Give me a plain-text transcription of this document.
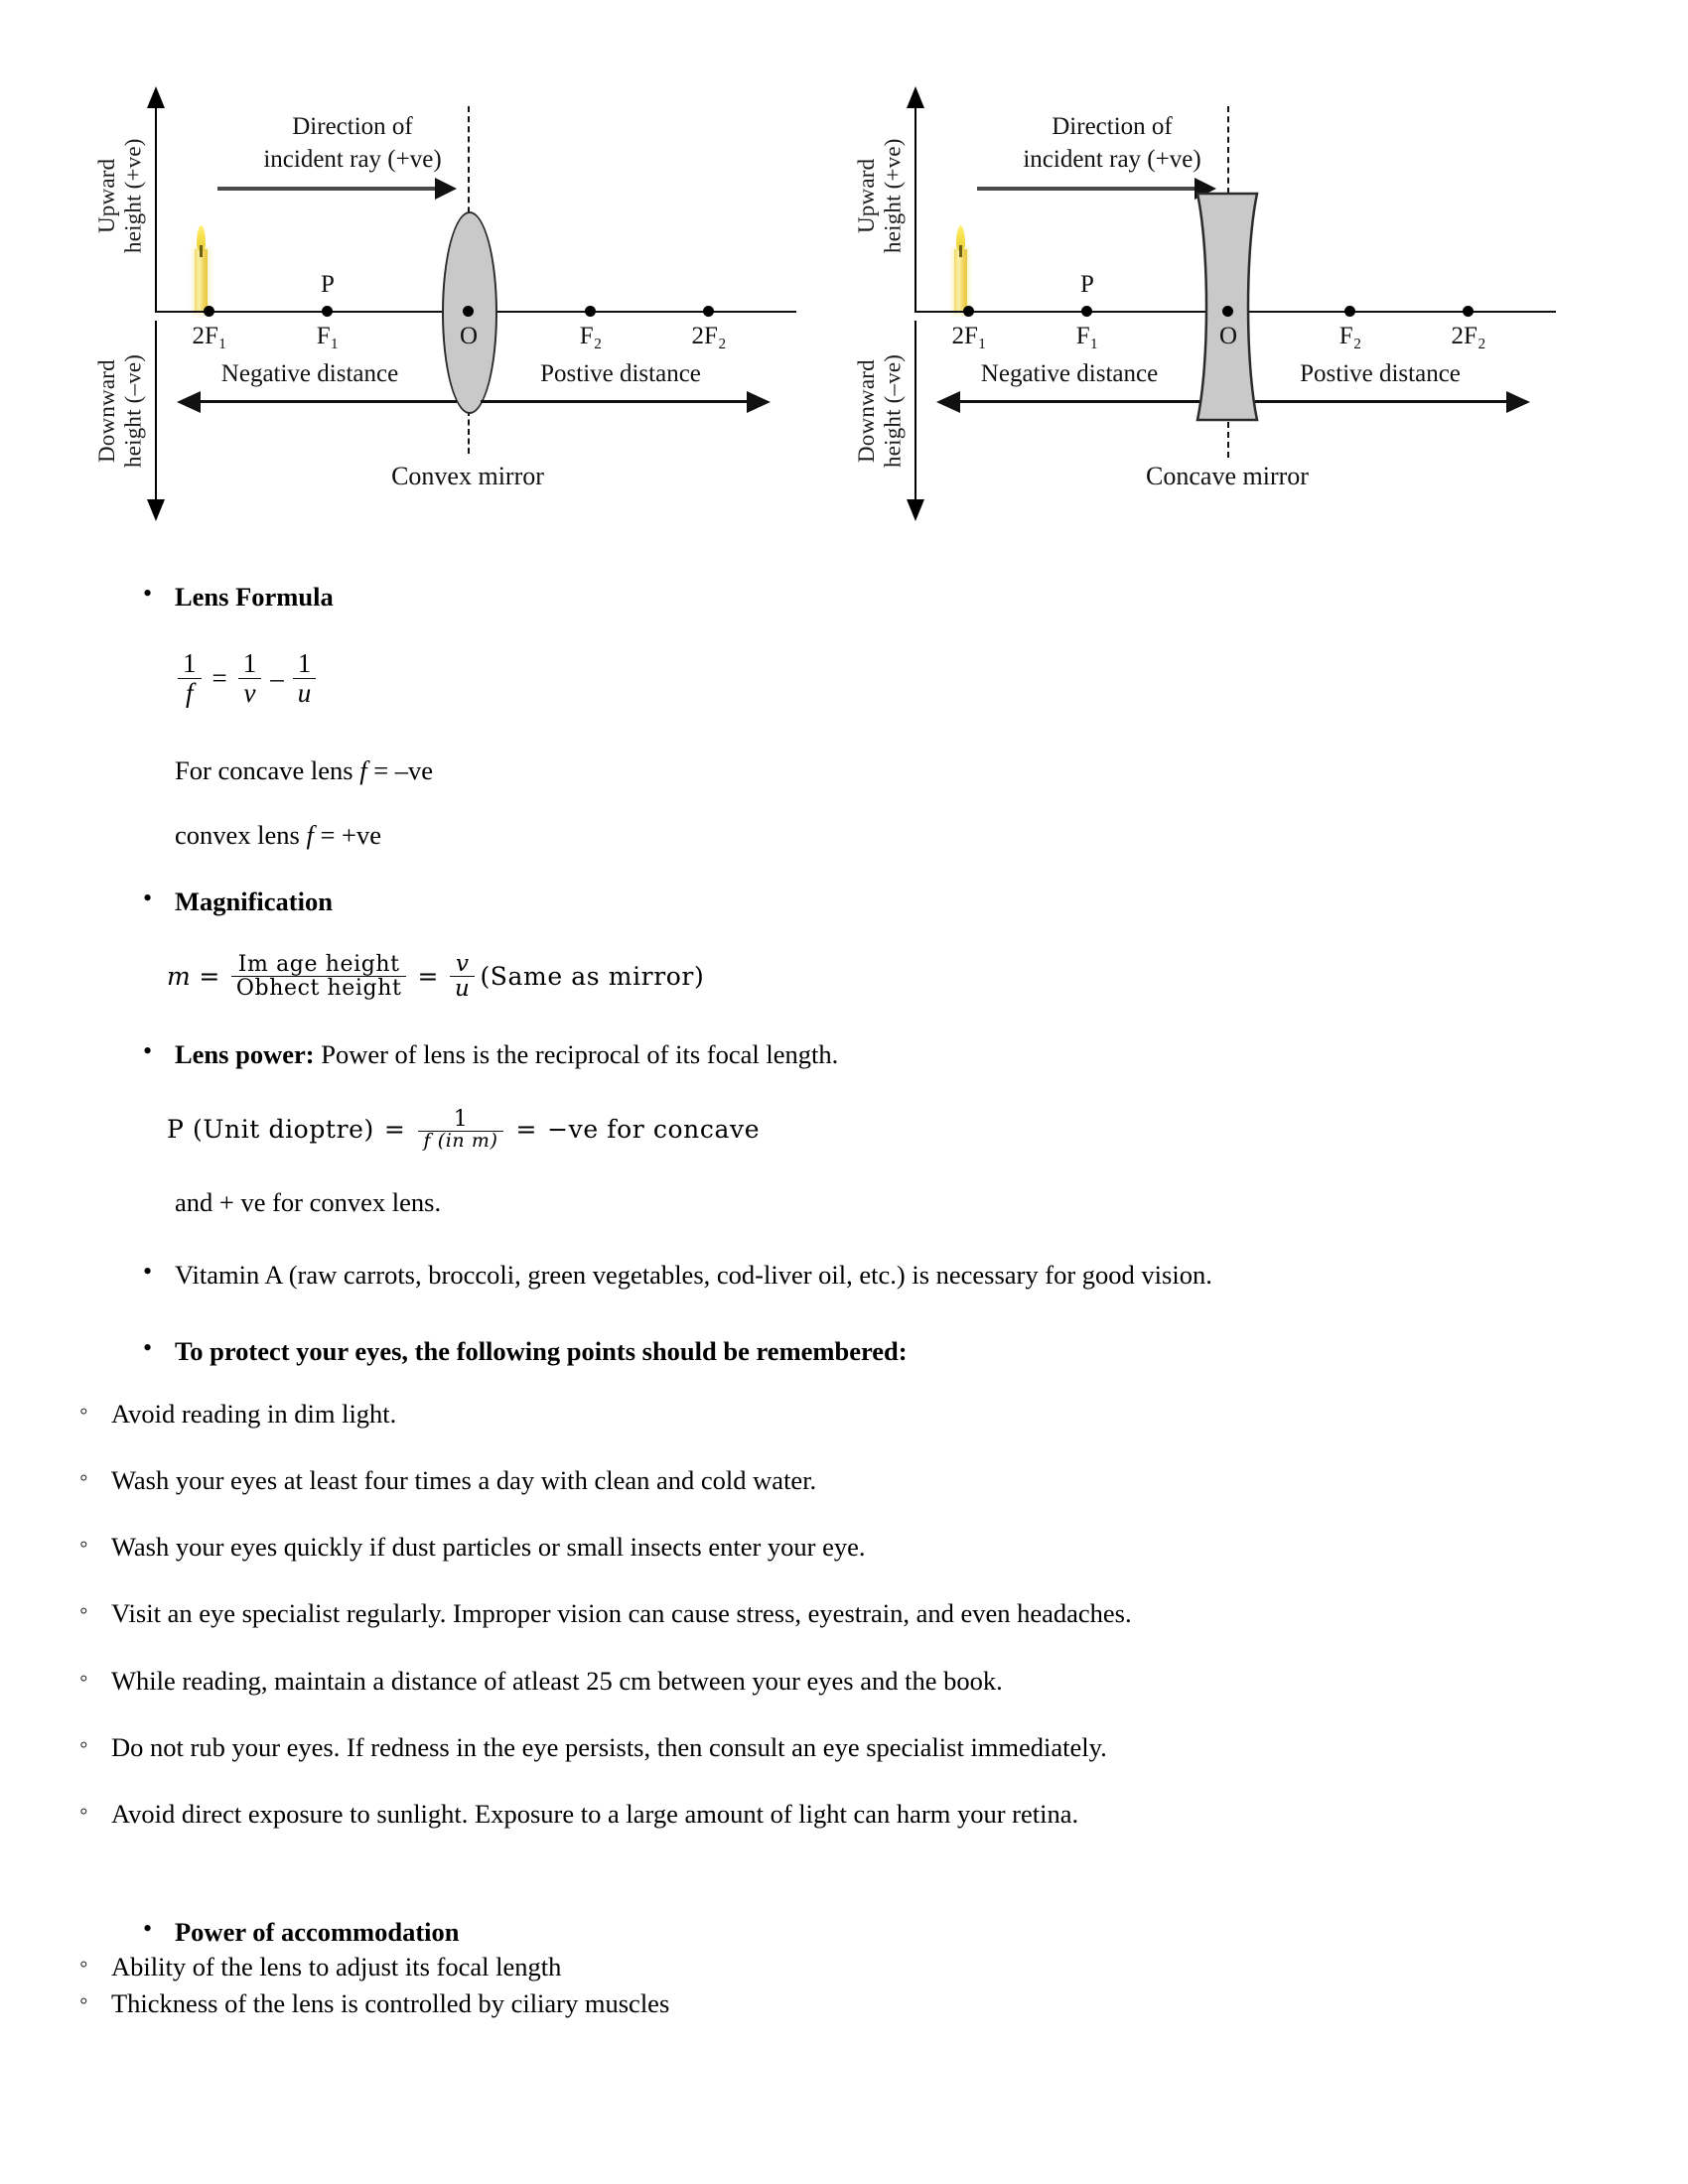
Upward
height (+ve)
Downward
height (–ve)
Direction of
incident ray (+ve)
2F₁	F₁	O	F₂	2F₂
P
Negative distance	Postive distance
Convex mirror
Upward
height (+ve)
Downward
height (–ve)
Direction of
incident ray (+ve)
2F₁	F₁	O	F₂	2F₂
P
Negative distance	Postive distance
Concave mirror
• Lens Formula
$\frac{1}{f} = \frac{1}{v} - \frac{1}{u}$
For concave lens f = –ve
convex lens f = +ve
• Magnification
$m = \frac{\text{Im age height}}{\text{Obhect height}} = \frac{v}{u}$ (Same as mirror)
• Lens power: Power of lens is the reciprocal of its focal length.
P (Unit dioptre) = $\frac{1}{\text{f (in m)}} = -ve$ for concave
and + ve for convex lens.
• Vitamin A (raw carrots, broccoli, green vegetables, cod-liver oil, etc.) is necessary for good vision.
• To protect your eyes, the following points should be remembered:
◦ Avoid reading in dim light.
◦ Wash your eyes at least four times a day with clean and cold water.
◦ Wash your eyes quickly if dust particles or small insects enter your eye.
◦ Visit an eye specialist regularly. Improper vision can cause stress, eyestrain, and even headaches.
◦ While reading, maintain a distance of atleast 25 cm between your eyes and the book.
◦ Do not rub your eyes. If redness in the eye persists, then consult an eye specialist immediately.
◦ Avoid direct exposure to sunlight. Exposure to a large amount of light can harm your retina.
• Power of accommodation
◦ Ability of the lens to adjust its focal length
◦ Thickness of the lens is controlled by ciliary muscles
